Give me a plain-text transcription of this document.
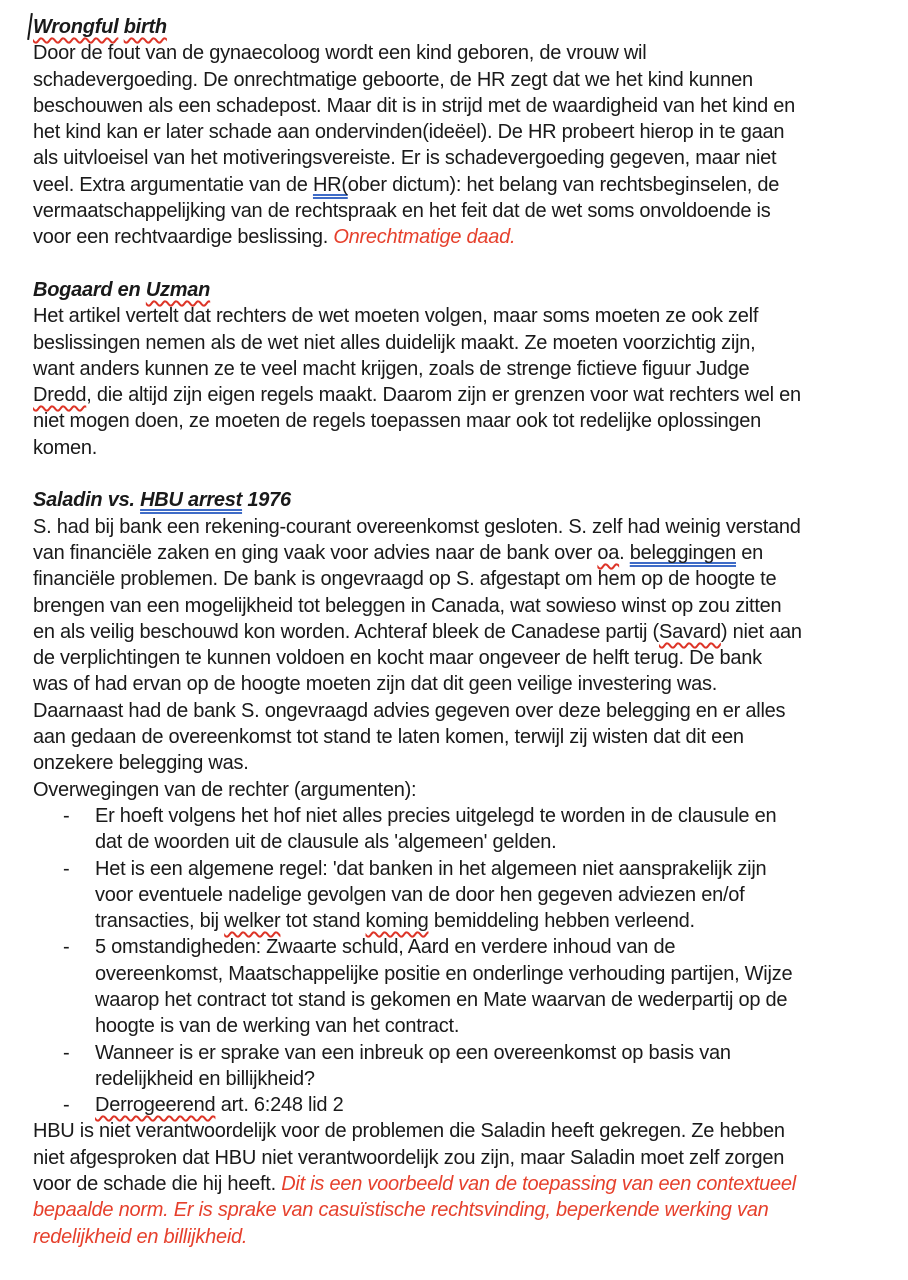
Wrongful birth
Door de fout van de gynaecoloog wordt een kind geboren, de vrouw wil
schadevergoeding. De onrechtmatige geboorte, de HR zegt dat we het kind kunnen
beschouwen als een schadepost. Maar dit is in strijd met de waardigheid van het kind en
het kind kan er later schade aan ondervinden(ideëel). De HR probeert hierop in te gaan
als uitvloeisel van het motiveringsvereiste. Er is schadevergoeding gegeven, maar niet
veel. Extra argumentatie van de HR(ober dictum): het belang van rechtsbeginselen, de
vermaatschappelijking van de rechtspraak en het feit dat de wet soms onvoldoende is
voor een rechtvaardige beslissing. Onrechtmatige daad.
Bogaard en Uzman
Het artikel vertelt dat rechters de wet moeten volgen, maar soms moeten ze ook zelf
beslissingen nemen als de wet niet alles duidelijk maakt. Ze moeten voorzichtig zijn,
want anders kunnen ze te veel macht krijgen, zoals de strenge fictieve figuur Judge
Dredd, die altijd zijn eigen regels maakt. Daarom zijn er grenzen voor wat rechters wel en
niet mogen doen, ze moeten de regels toepassen maar ook tot redelijke oplossingen
komen.
Saladin vs. HBU arrest 1976
S. had bij bank een rekening-courant overeenkomst gesloten. S. zelf had weinig verstand
van financiële zaken en ging vaak voor advies naar de bank over oa. beleggingen en
financiële problemen. De bank is ongevraagd op S. afgestapt om hem op de hoogte te
brengen van een mogelijkheid tot beleggen in Canada, wat sowieso winst op zou zitten
en als veilig beschouwd kon worden. Achteraf bleek de Canadese partij (Savard) niet aan
de verplichtingen te kunnen voldoen en kocht maar ongeveer de helft terug. De bank
was of had ervan op de hoogte moeten zijn dat dit geen veilige investering was.
Daarnaast had de bank S. ongevraagd advies gegeven over deze belegging en er alles
aan gedaan de overeenkomst tot stand te laten komen, terwijl zij wisten dat dit een
onzekere belegging was.
Overwegingen van de rechter (argumenten):
- Er hoeft volgens het hof niet alles precies uitgelegd te worden in de clausule en
dat de woorden uit de clausule als 'algemeen' gelden.
- Het is een algemene regel: 'dat banken in het algemeen niet aansprakelijk zijn
voor eventuele nadelige gevolgen van de door hen gegeven adviezen en/of
transacties, bij welker tot stand koming bemiddeling hebben verleend.
- 5 omstandigheden: Zwaarte schuld, Aard en verdere inhoud van de
overeenkomst, Maatschappelijke positie en onderlinge verhouding partijen, Wijze
waarop het contract tot stand is gekomen en Mate waarvan de wederpartij op de
hoogte is van de werking van het contract.
- Wanneer is er sprake van een inbreuk op een overeenkomst op basis van
redelijkheid en billijkheid?
- Derrogeerend art. 6:248 lid 2
HBU is niet verantwoordelijk voor de problemen die Saladin heeft gekregen. Ze hebben
niet afgesproken dat HBU niet verantwoordelijk zou zijn, maar Saladin moet zelf zorgen
voor de schade die hij heeft. Dit is een voorbeeld van de toepassing van een contextueel
bepaalde norm. Er is sprake van casuïstische rechtsvinding, beperkende werking van
redelijkheid en billijkheid.
